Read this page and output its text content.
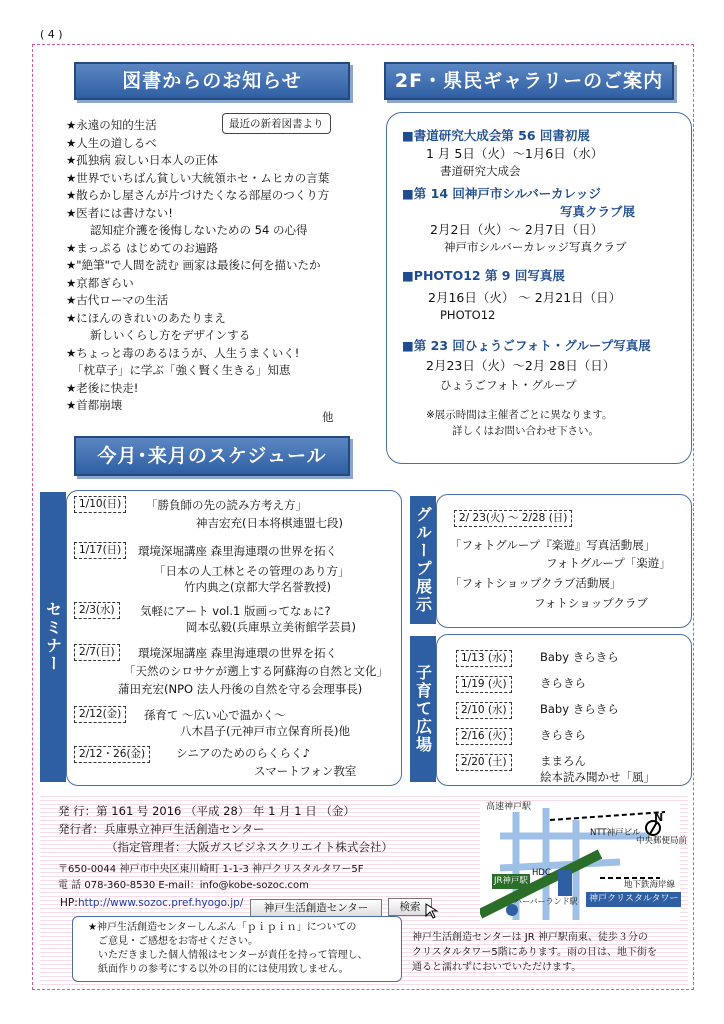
( 4 )
図書からのお知らせ
最近の新着図書より
他
2F・県民ギャラリーのご案内
今月･来月のスケジュール
セミナー
グループ展示	2/ 23(火) ～ 2/28 (日)
子育て広場
HP: http://www.sozoc.pref.hyogo.jp/	神戸生活創造センター	検索
高速神戸駅
N
NTT神戸ビル
中央郵便局前
HDC
JR神戸駅	地下鉄海岸線
ハーバーランド駅	神戸クリスタルタワー
★永遠の知的生活
★人生の道しるべ
★孤独病 寂しい日本人の正体
★世界でいちばん貧しい大統領ホセ・ムヒカの言葉
★散らかし屋さんが片づけたくなる部屋のつくり方
★医者には書けない!
認知症介護を後悔しないための 54 の心得
★まっぷる はじめてのお遍路
★"絶筆"で人間を読む 画家は最後に何を描いたか
★京都ぎらい
★古代ローマの生活
★にほんのきれいのあたりまえ
新しいくらし方をデザインする
★ちょっと毒のあるほうが、人生うまくいく!
「枕草子」に学ぶ「強く賢く生きる」知恵
★老後に快走!
★首都崩壊
■書道研究大成会第 56 回書初展
1 月 5日（火）～1月6日（水）
書道研究大成会
■第 14 回神戸市シルバーカレッジ
写真クラブ展
2月2日（火）～ 2月7日（日）
神戸市シルバーカレッジ写真クラブ
■PHOTO12 第 9 回写真展
2月16日（火） ～ 2月21日（日）
PHOTO12
■第 23 回ひょうごフォト・グループ写真展
2月23日（火）～2月 28日（日）
ひょうごフォト・グループ
※展示時間は主催者ごとに異なります。
詳しくはお問い合わせ下さい。
1/10(日)	「勝負師の先の読み方考え方」
神吉宏充(日本将棋連盟七段)
1/17(日)	環境深堀講座 森里海連環の世界を拓く
「日本の人工林とその管理のあり方」
竹内典之(京都大学名誉教授)
2/3(水)	気軽にアート vol.1 版画ってなぁに?
岡本弘毅(兵庫県立美術館学芸員)
2/7(日)	環境深堀講座 森里海連環の世界を拓く
「天然のシロサケが遡上する阿蘇海の自然と文化」
蒲田充宏(NPO 法人丹後の自然を守る会理事長)
2/12(金)	孫育て ～広い心で温かく～
八木昌子(元神戸市立保育所長)他
2/12・26(金)	シニアのためのらくらく♪
スマートフォン教室
「フォトグループ『楽遊』写真活動展」
フォトグループ「楽遊」
「フォトショップクラブ活動展」
フォトショップクラブ
1/13 (水)	Baby きらきら
1/19 (火)	きらきら
2/10 (水)	Baby きらきら
2/16 (火)	きらきら
2/20 (土)	ままろん
絵本読み聞かせ「風」
発 行：第 161 号 2016 （平成 28） 年 1 月 1 日 （金）
発行者：兵庫県立神戸生活創造センター
（指定管理者：大阪ガスビジネスクリエイト株式会社）
〒650-0044 神戸市中央区東川崎町 1-1-3 神戸クリスタルタワー5F
電 話 078-360-8530 E-mail：info@kobe-sozoc.com
★神戸生活創造センターしんぶん「ｐｉｐｉｎ」についての
ご意見・ご感想をお寄せください。
いただきました個人情報はセンターが責任を持って管理し、
紙面作りの参考にする以外の目的には使用致しません。
神戸生活創造センターは JR 神戸駅南東、徒歩３分の
クリスタルタワー5階にあります。雨の日は、地下街を
通ると濡れずにおいでいただけます。
